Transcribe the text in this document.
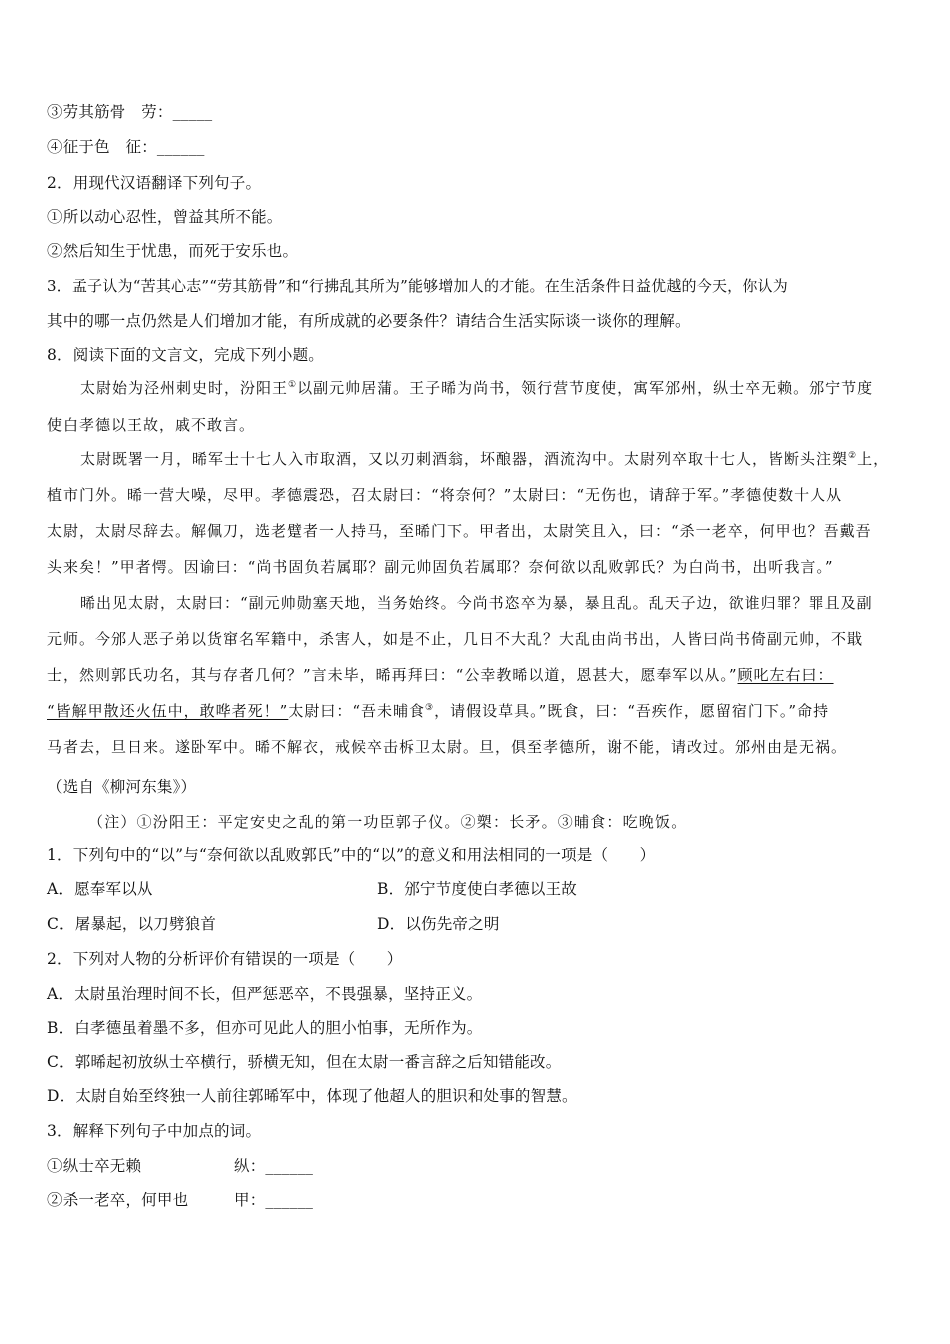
③劳其筋骨　劳：_____
④征于色　征：______
2．用现代汉语翻译下列句子。
①所以动心忍性，曾益其所不能。
②然后知生于忧患，而死于安乐也。
3．孟子认为“苦其心志”“劳其筋骨”和“行拂乱其所为”能够增加人的才能。在生活条件日益优越的今天，你认为
其中的哪一点仍然是人们增加才能，有所成就的必要条件？请结合生活实际谈一谈你的理解。
8．阅读下面的文言文，完成下列小题。
太尉始为泾州刺史时，汾阳王①以副元帅居蒲。王子晞为尚书，领行营节度使，寓军邠州，纵士卒无赖。邠宁节度
使白孝德以王故，戚不敢言。
太尉既署一月，晞军士十七人入市取酒，又以刃刺酒翁，坏酿器，酒流沟中。太尉列卒取十七人，皆断头注槊②上，
植市门外。晞一营大噪，尽甲。孝德震恐，召太尉曰：“将奈何？”太尉曰：“无伤也，请辞于军。”孝德使数十人从
太尉，太尉尽辞去。解佩刀，选老躄者一人持马，至晞门下。甲者出，太尉笑且入，曰：“杀一老卒，何甲也？吾戴吾
头来矣！”甲者愕。因谕曰：“尚书固负若属耶？副元帅固负若属耶？奈何欲以乱败郭氏？为白尚书，出听我言。”
晞出见太尉，太尉曰：“副元帅勋塞天地，当务始终。今尚书恣卒为暴，暴且乱。乱天子边，欲谁归罪？罪且及副
元师。今邠人恶子弟以货窜名军籍中，杀害人，如是不止，几日不大乱？大乱由尚书出，人皆曰尚书倚副元帅，不戢
士，然则郭氏功名，其与存者几何？”言未毕，晞再拜曰：“公幸教晞以道，恩甚大，愿奉军以从。”顾叱左右曰：
“皆解甲散还火伍中，敢哗者死！”太尉曰：“吾未晡食③，请假设草具。”既食，曰：“吾疾作，愿留宿门下。”命持
马者去，旦日来。遂卧军中。晞不解衣，戒候卒击柝卫太尉。旦，俱至孝德所，谢不能，请改过。邠州由是无祸。
（选自《柳河东集》）
（注）①汾阳王：平定安史之乱的第一功臣郭子仪。②槊：长矛。③晡食：吃晚饭。
1．下列句中的“以”与“奈何欲以乱败郭氏”中的“以”的意义和用法相同的一项是（　　）
A．愿奉军以从	B．邠宁节度使白孝德以王故
C．屠暴起，以刀劈狼首	D．以伤先帝之明
2．下列对人物的分析评价有错误的一项是（　　）
A．太尉虽治理时间不长，但严惩恶卒，不畏强暴，坚持正义。
B．白孝德虽着墨不多，但亦可见此人的胆小怕事，无所作为。
C．郭晞起初放纵士卒横行，骄横无知，但在太尉一番言辞之后知错能改。
D．太尉自始至终独一人前往郭晞军中，体现了他超人的胆识和处事的智慧。
3．解释下列句子中加点的词。
①纵士卒无赖	纵：______
②杀一老卒，何甲也	甲：______
